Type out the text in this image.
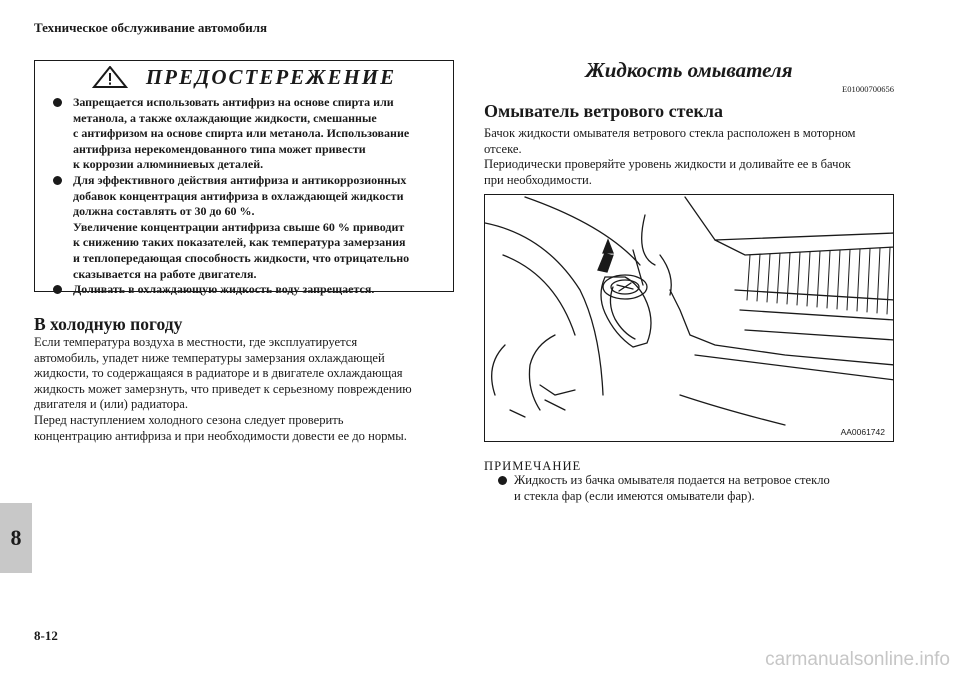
Техническое обслуживание автомобиля
ПРЕДОСТЕРЕЖЕНИЕ
Запрещается использовать антифриз на основе спирта или
метанола, а также охлаждающие жидкости, смешанные
с антифризом на основе спирта или метанола. Использование
антифриза нерекомендованного типа может привести
к коррозии алюминиевых деталей.
Для эффективного действия антифриза и антикоррозионных
добавок концентрация антифриза в охлаждающей жидкости
должна составлять от 30 до 60 %.
Увеличение концентрации антифриза свыше 60 % приводит
к снижению таких показателей, как температура замерзания
и теплопередающая способность жидкости, что отрицательно
сказывается на работе двигателя.
Доливать в охлаждающую жидкость воду запрещается.
В холодную погоду
Если температура воздуха в местности, где эксплуатируется
автомобиль, упадет ниже температуры замерзания охлаждающей
жидкости, то содержащаяся в радиаторе и в двигателе охлаждающая
жидкость может замерзнуть, что приведет к серьезному повреждению
двигателя и (или) радиатора.
Перед наступлением холодного сезона следует проверить
концентрацию антифриза и при необходимости довести ее до нормы.
Жидкость омывателя
E01000700656
Омыватель ветрового стекла
Бачок жидкости омывателя ветрового стекла расположен в моторном
отсеке.
Периодически проверяйте уровень жидкости и доливайте ее в бачок
при необходимости.
AA0061742
ПРИМЕЧАНИЕ
Жидкость из бачка омывателя подается на ветровое стекло
и стекла фар (если имеются омыватели фар).
8
8-12
carmanualsonline.info
